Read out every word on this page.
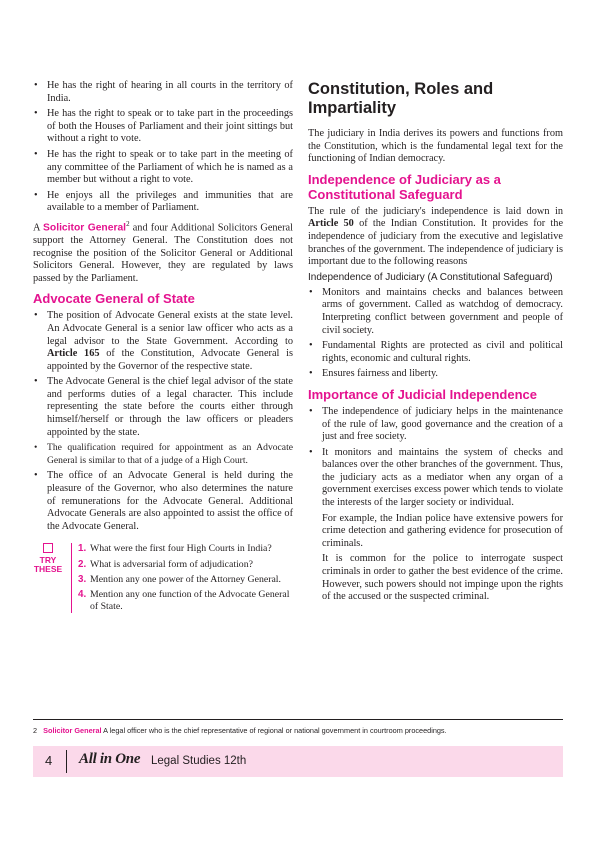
• He has the right of hearing in all courts in the territory of India.
• He has the right to speak or to take part in the proceedings of both the Houses of Parliament and their joint sittings but without a right to vote.
• He has the right to speak or to take part in the meeting of any committee of the Parliament of which he is named as a member but without a right to vote.
• He enjoys all the privileges and immunities that are available to a member of Parliament.

A Solicitor General$^2$ and four Additional Solicitors General support the Attorney General. The Constitution does not recognise the position of the Solicitor General or Additional Solicitors General. However, they are regulated by laws passed by the Parliament.

Advocate General of State
• The position of Advocate General exists at the state level. An Advocate General is a senior law officer who acts as a legal advisor to the State Government. According to Article 165 of the Constitution, Advocate General is appointed by the Governor of the respective state.
• The Advocate General is the chief legal advisor of the state and performs duties of a legal character. This include representing the state before the courts either through himself/herself or through the law officers or pleaders appointed by the state.
• The qualification required for appointment as an Advocate General is similar to that of a judge of a High Court.
• The office of an Advocate General is held during the pleasure of the Governor, who also determines the nature of remunerations for the Advocate General. Additional Advocate Generals are also appointed to assist the office of the Advocate General.
TRY
THESE
1. What were the first four High Courts in India?
2. What is adversarial form of adjudication?
3. Mention any one power of the Attorney General.
4. Mention any one function of the Advocate General of State.
Constitution, Roles and Impartiality

The judiciary in India derives its powers and functions from the Constitution, which is the fundamental legal text for the functioning of Indian democracy.

Independence of Judiciary as a Constitutional Safeguard

The rule of the judiciary's independence is laid down in Article 50 of the Indian Constitution. It provides for the independence of judiciary from the executive and legislative branches of the government. The independence of judiciary is important due to the following reasons

Independence of Judiciary (A Constitutional Safeguard)
• Monitors and maintains checks and balances between arms of government. Called as watchdog of democracy. Interpreting conflict between government and people of civil society.
• Fundamental Rights are protected as civil and political rights, economic and cultural rights.
• Ensures fairness and liberty.
Importance of Judicial Independence
• The independence of judiciary helps in the maintenance of the rule of law, good governance and the creation of a just and free society.
• It monitors and maintains the system of checks and balances over the other branches of the government. Thus, the judiciary acts as a mediator when any organ of a government exercises excess power which tends to violate the interests of the larger society or individual.
For example, the Indian police have extensive powers for crime detection and gathering evidence for prosecution of criminals.
It is common for the police to interrogate suspect criminals in order to gather the best evidence of the crime. However, such powers should not impinge upon the rights of the accused or the suspected criminal.
2 Solicitor General A legal officer who is the chief representative of regional or national government in courtroom proceedings.
4 All in One Legal Studies 12th
